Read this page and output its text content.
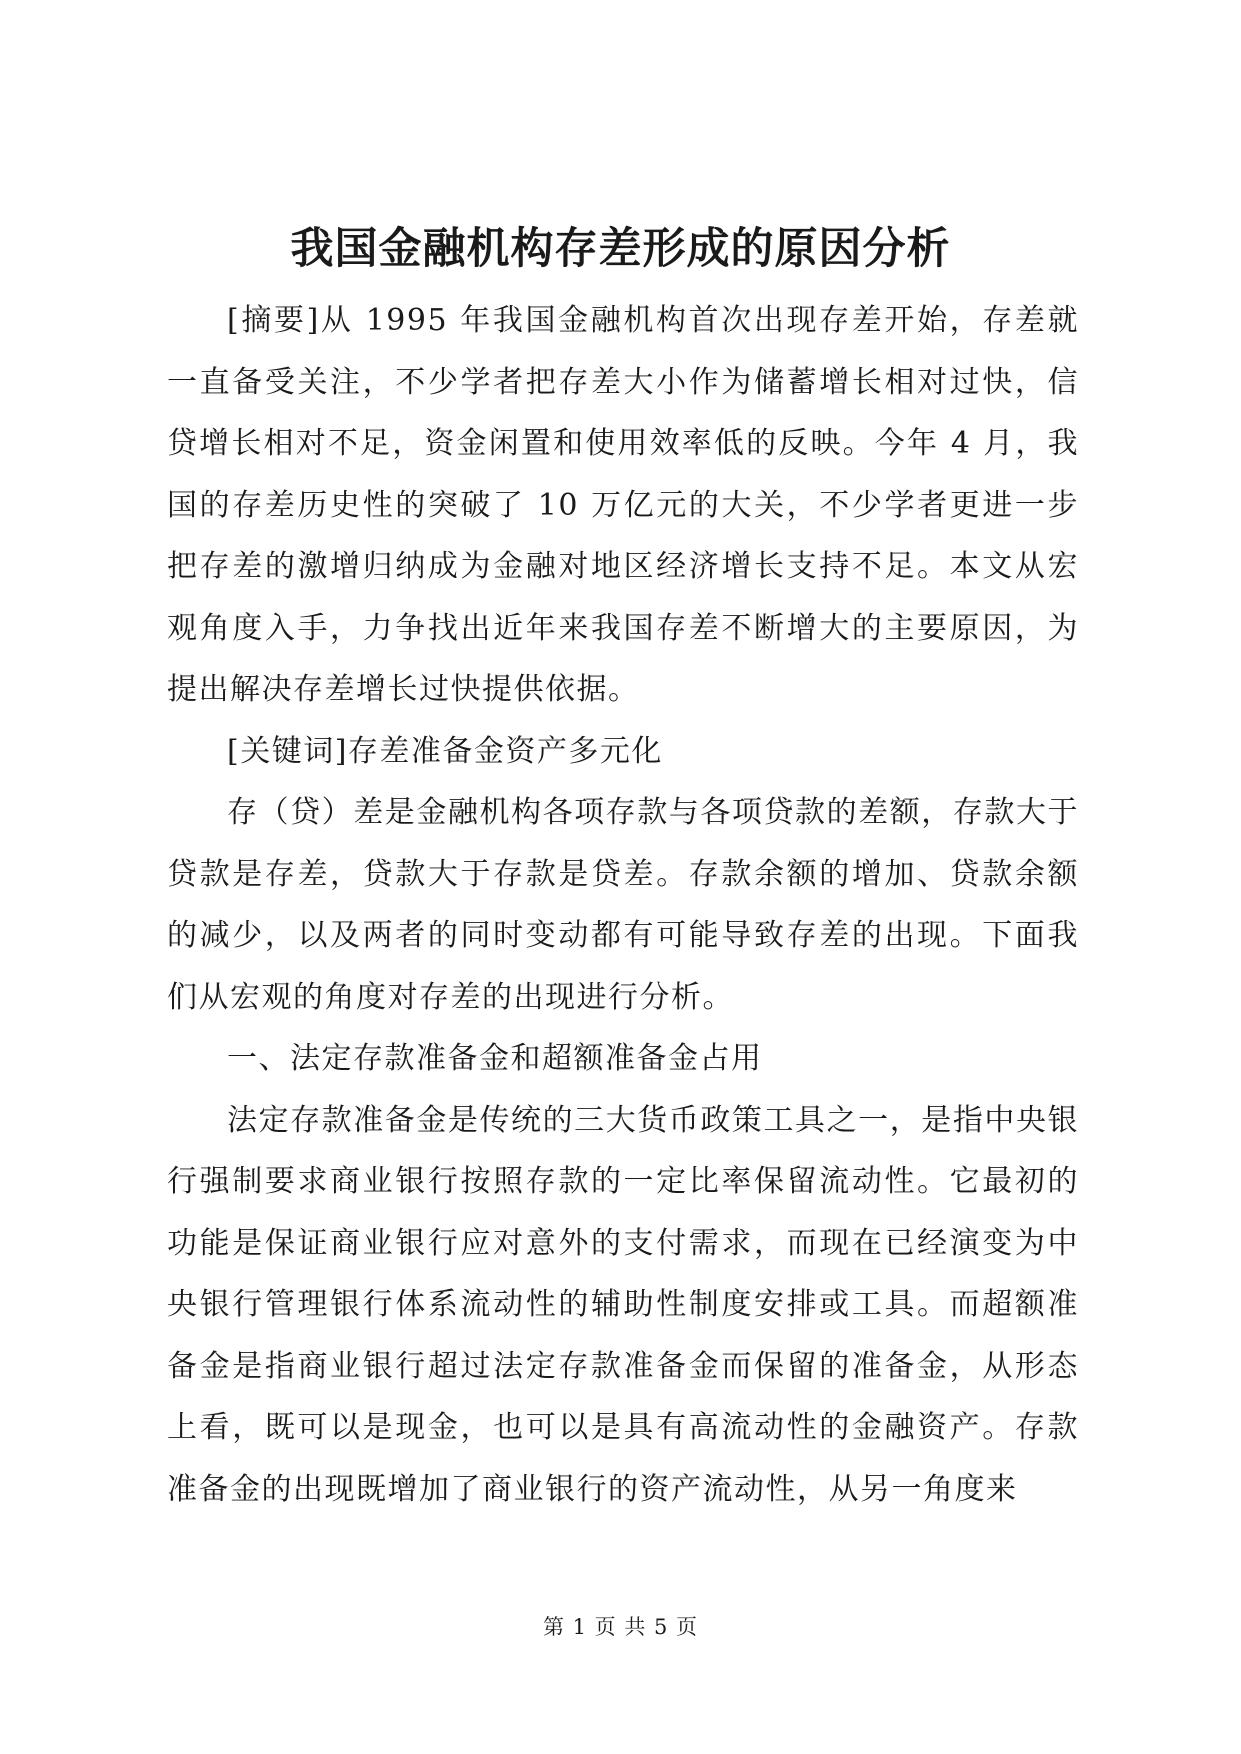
我国金融机构存差形成的原因分析

[摘要]从 1995 年我国金融机构首次出现存差开始，存差就一直备受关注，不少学者把存差大小作为储蓄增长相对过快，信贷增长相对不足，资金闲置和使用效率低的反映。今年 4 月，我国的存差历史性的突破了 10 万亿元的大关，不少学者更进一步把存差的激增归纳成为金融对地区经济增长支持不足。本文从宏观角度入手，力争找出近年来我国存差不断增大的主要原因，为提出解决存差增长过快提供依据。

[关键词]存差准备金资产多元化

存（贷）差是金融机构各项存款与各项贷款的差额，存款大于贷款是存差，贷款大于存款是贷差。存款余额的增加、贷款余额的减少，以及两者的同时变动都有可能导致存差的出现。下面我们从宏观的角度对存差的出现进行分析。

一、法定存款准备金和超额准备金占用

法定存款准备金是传统的三大货币政策工具之一，是指中央银行强制要求商业银行按照存款的一定比率保留流动性。它最初的功能是保证商业银行应对意外的支付需求，而现在已经演变为中央银行管理银行体系流动性的辅助性制度安排或工具。而超额准备金是指商业银行超过法定存款准备金而保留的准备金，从形态上看，既可以是现金，也可以是具有高流动性的金融资产。存款准备金的出现既增加了商业银行的资产流动性，从另一角度来

第 1 页 共 5 页
